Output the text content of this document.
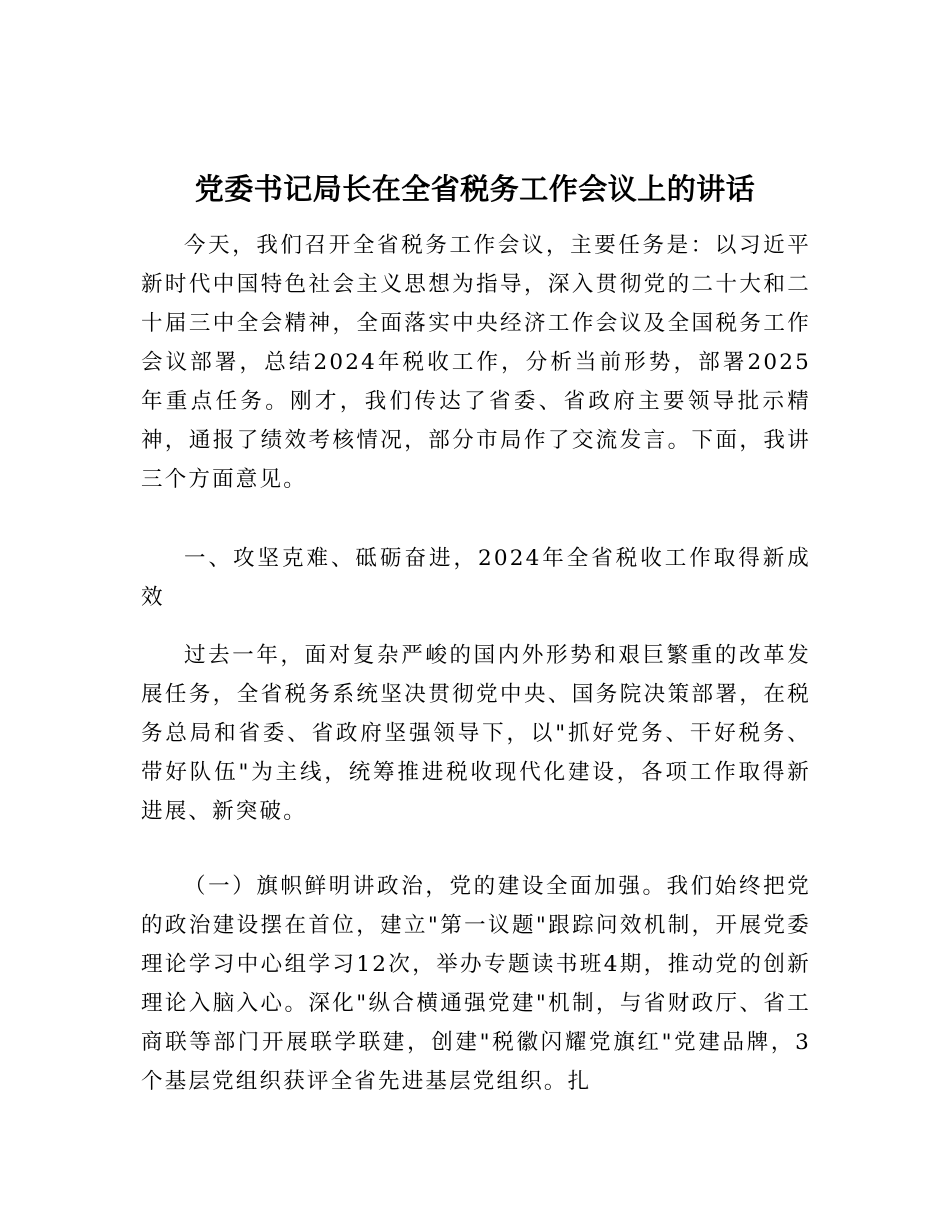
党委书记局长在全省税务工作会议上的讲话

今天，我们召开全省税务工作会议，主要任务是：以习近平新时代中国特色社会主义思想为指导，深入贯彻党的二十大和二十届三中全会精神，全面落实中央经济工作会议及全国税务工作会议部署，总结2024年税收工作，分析当前形势，部署2025年重点任务。刚才，我们传达了省委、省政府主要领导批示精神，通报了绩效考核情况，部分市局作了交流发言。下面，我讲三个方面意见。

一、攻坚克难、砥砺奋进，2024年全省税收工作取得新成效

过去一年，面对复杂严峻的国内外形势和艰巨繁重的改革发展任务，全省税务系统坚决贯彻党中央、国务院决策部署，在税务总局和省委、省政府坚强领导下，以"抓好党务、干好税务、带好队伍"为主线，统筹推进税收现代化建设，各项工作取得新进展、新突破。

（一）旗帜鲜明讲政治，党的建设全面加强。我们始终把党的政治建设摆在首位，建立"第一议题"跟踪问效机制，开展党委理论学习中心组学习12次，举办专题读书班4期，推动党的创新理论入脑入心。深化"纵合横通强党建"机制，与省财政厅、省工商联等部门开展联学联建，创建"税徽闪耀党旗红"党建品牌，3个基层党组织获评全省先进基层党组织。扎
